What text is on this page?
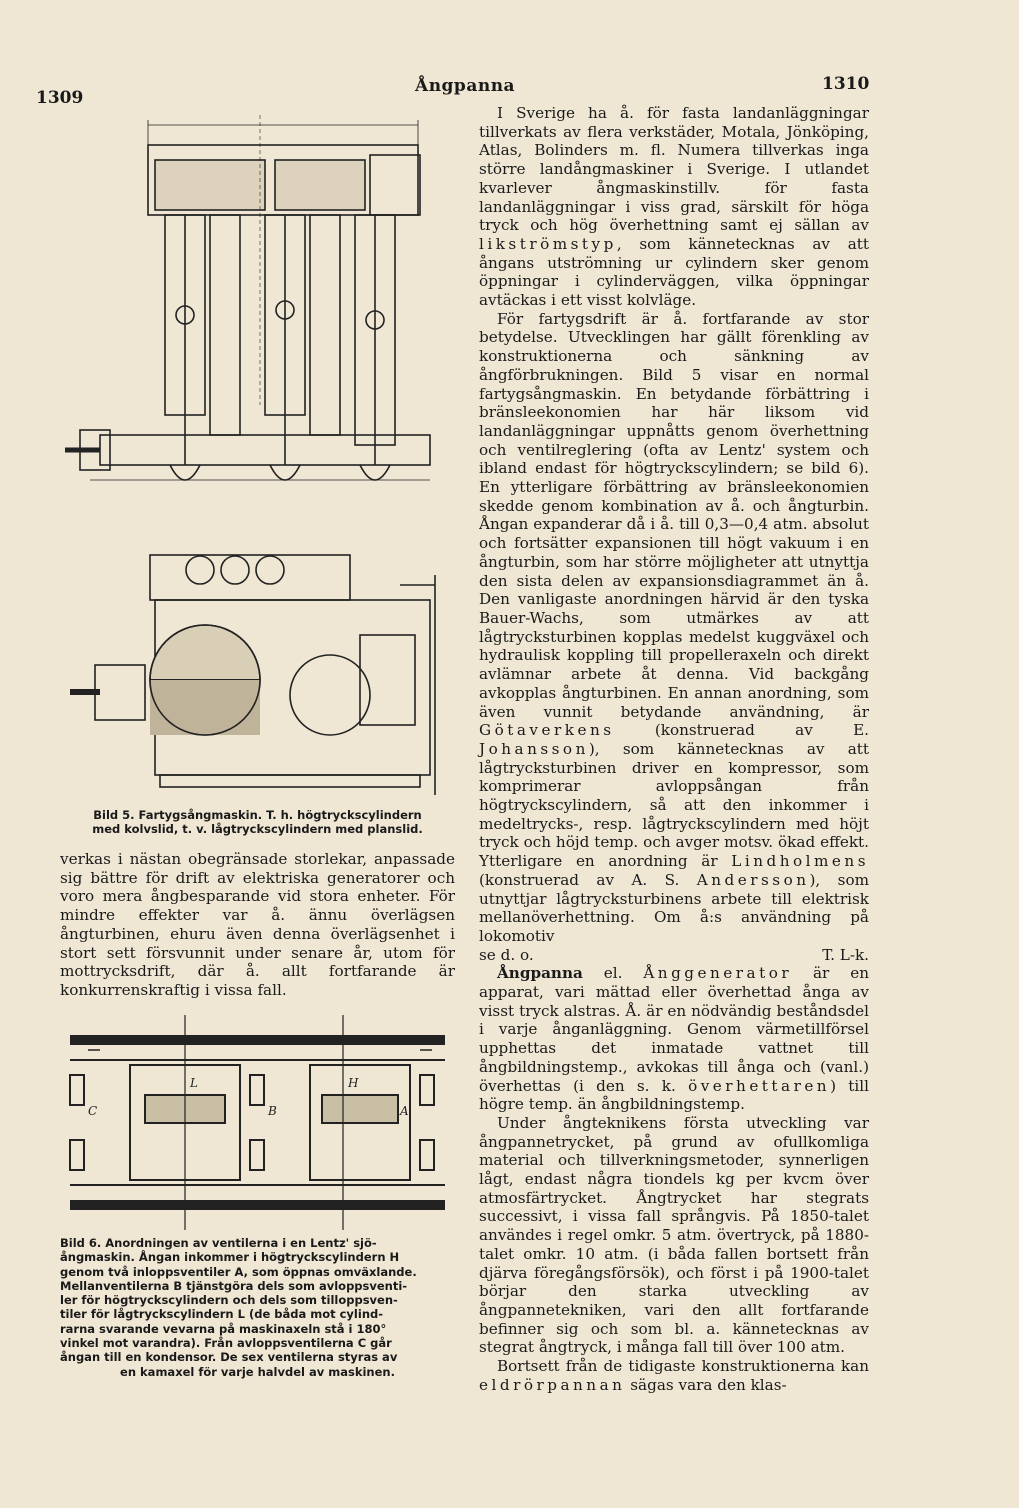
1309
Ångpanna	1310
Bild 5. Fartygsångmaskin. T. h. högtryckscylindern
med kolvslid, t. v. lågtryckscylindern med planslid.

verkas i nästan obegränsade storlekar, anpassade sig bättre för drift av elektriska generatorer och voro mera ångbesparande vid stora enheter. För mindre effekter var å. ännu överlägsen ångturbinen, ehuru även denna överlägsenhet i stort sett försvunnit under senare år, utom för mottrycksdrift, där å. allt fortfarande är konkurrenskraftig i vissa fall.

L	H
C	B	A
Bild 6. Anordningen av ventilerna i en Lentz' sjö-
ångmaskin. Ångan inkommer i högtryckscylindern H
genom två inloppsventiler A, som öppnas omväxlande.
Mellanventilerna B tjänstgöra dels som avloppsventi-
ler för högtryckscylindern och dels som tilloppsven-
tiler för lågtryckscylindern L (de båda mot cylind-
rarna svarande vevarna på maskinaxeln stå i 180°
vinkel mot varandra). Från avloppsventilerna C går
ångan till en kondensor. De sex ventilerna styras av
en kamaxel för varje halvdel av maskinen.

I Sverige ha å. för fasta landanläggningar tillverkats av flera verkstäder, Motala, Jönköping, Atlas, Bolinders m. fl. Numera tillverkas inga större landångmaskiner i Sverige. I utlandet kvarlever ångmaskinstillv. för fasta landanläggningar i viss grad, särskilt för höga tryck och hög överhettning samt ej sällan av likströmstyp, som kännetecknas av att ångans utströmning ur cylindern sker genom öppningar i cylinderväggen, vilka öppningar avtäckas i ett visst kolvläge.

För fartygsdrift är å. fortfarande av stor betydelse. Utvecklingen har gällt förenkling av konstruktionerna och sänkning av ångförbrukningen. Bild 5 visar en normal fartygsångmaskin. En betydande förbättring i bränsleekonomien har här liksom vid landanläggningar uppnåtts genom överhettning och ventilreglering (ofta av Lentz' system och ibland endast för högtryckscylindern; se bild 6). En ytterligare förbättring av bränsleekonomien skedde genom kombination av å. och ångturbin. Ångan expanderar då i å. till 0,3—0,4 atm. absolut och fortsätter expansionen till högt vakuum i en ångturbin, som har större möjligheter att utnyttja den sista delen av expansionsdiagrammet än å. Den vanligaste anordningen härvid är den tyska Bauer-Wachs, som utmärkes av att lågtrycksturbinen kopplas medelst kuggväxel och hydraulisk koppling till propelleraxeln och direkt avlämnar arbete åt denna. Vid backgång avkopplas ångturbinen. En annan anordning, som även vunnit betydande användning, är Götaverkens (konstruerad av E. Johansson), som kännetecknas av att lågtrycksturbinen driver en kompressor, som komprimerar avloppsångan från högtryckscylindern, så att den inkommer i medeltrycks-, resp. lågtryckscylindern med höjt tryck och höjd temp. och avger motsv. ökad effekt. Ytterligare en anordning är Lindholmens (konstruerad av A. S. Andersson), som utnyttjar lågtrycksturbinens arbete till elektrisk mellanöverhettning. Om å:s användning på lokomotiv

se d. o.	T. L-k.

Ångpanna el. Ånggenerator är en apparat, vari mättad eller överhettad ånga av visst tryck alstras. Å. är en nödvändig beståndsdel i varje ånganläggning. Genom värmetillförsel upphettas det inmatade vattnet till ångbildningstemp., avkokas till ånga och (vanl.) överhettas (i den s. k. överhettaren) till högre temp. än ångbildningstemp.

Under ångteknikens första utveckling var ångpannetrycket, på grund av ofullkomliga material och tillverkningsmetoder, synnerligen lågt, endast några tiondels kg per kvcm över atmosfärtrycket. Ångtrycket har stegrats successivt, i vissa fall språngvis. På 1850-talet användes i regel omkr. 5 atm. övertryck, på 1880-talet omkr. 10 atm. (i båda fallen bortsett från djärva föregångsförsök), och först i på 1900-talet börjar den starka utveckling av ångpannetekniken, vari den allt fortfarande befinner sig och som bl. a. kännetecknas av stegrat ångtryck, i många fall till över 100 atm.

Bortsett från de tidigaste konstruktionerna kan eldrörpannan sägas vara den klas-
